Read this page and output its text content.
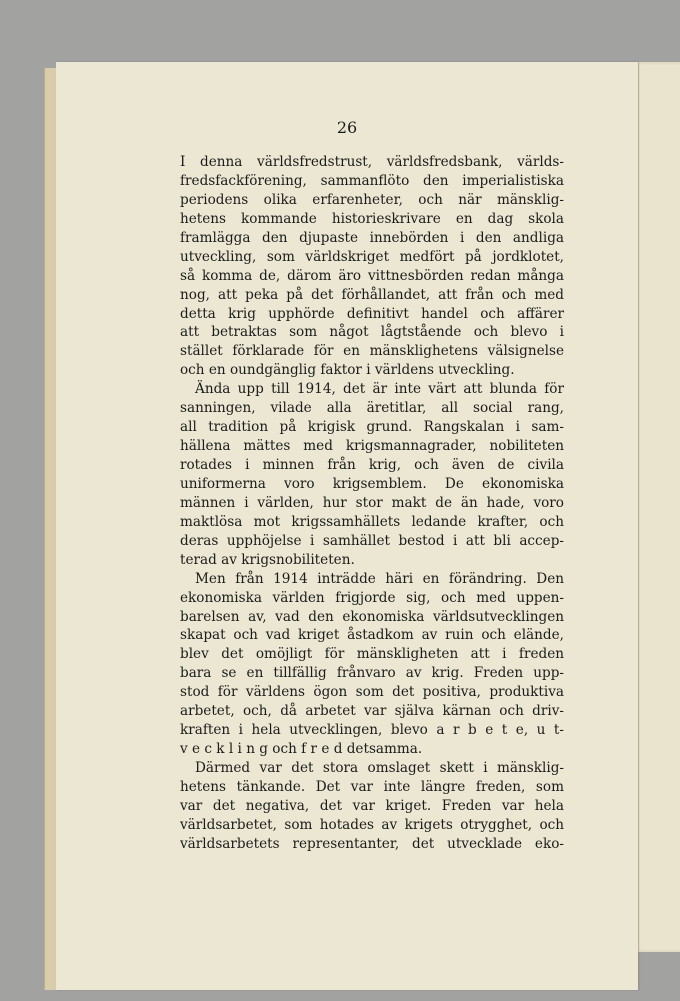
26
I denna världsfredstrust, världsfredsbank, världs-
fredsfackförening, sammanflöto den imperialistiska
periodens olika erfarenheter, och när mänsklig-
hetens kommande historieskrivare en dag skola
framlägga den djupaste innebörden i den andliga
utveckling, som världskriget medfört på jordklotet,
så komma de, därom äro vittnesbörden redan många
nog, att peka på det förhållandet, att från och med
detta krig upphörde definitivt handel och affärer
att betraktas som något lågtstående och blevo i
stället förklarade för en mänsklighetens välsignelse
och en oundgänglig faktor i världens utveckling.
Ända upp till 1914, det är inte värt att blunda för
sanningen, vilade alla äretitlar, all social rang,
all tradition på krigisk grund. Rangskalan i sam-
hällena mättes med krigsmannagrader, nobiliteten
rotades i minnen från krig, och även de civila
uniformerna voro krigsemblem. De ekonomiska
männen i världen, hur stor makt de än hade, voro
maktlösa mot krigssamhällets ledande krafter, och
deras upphöjelse i samhället bestod i att bli accep-
terad av krigsnobiliteten.
Men från 1914 inträdde häri en förändring. Den
ekonomiska världen frigjorde sig, och med uppen-
barelsen av, vad den ekonomiska världsutvecklingen
skapat och vad kriget åstadkom av ruin och elände,
blev det omöjligt för mänskligheten att i freden
bara se en tillfällig frånvaro av krig. Freden upp-
stod för världens ögon som det positiva, produktiva
arbetet, och, då arbetet var själva kärnan och driv-
kraften i hela utvecklingen, blevo a r b e t e, u t-
v e c k l i n g och f r e d detsamma.
Därmed var det stora omslaget skett i mänsklig-
hetens tänkande. Det var inte längre freden, som
var det negativa, det var kriget. Freden var hela
världsarbetet, som hotades av krigets otrygghet, och
världsarbetets representanter, det utvecklade eko-
